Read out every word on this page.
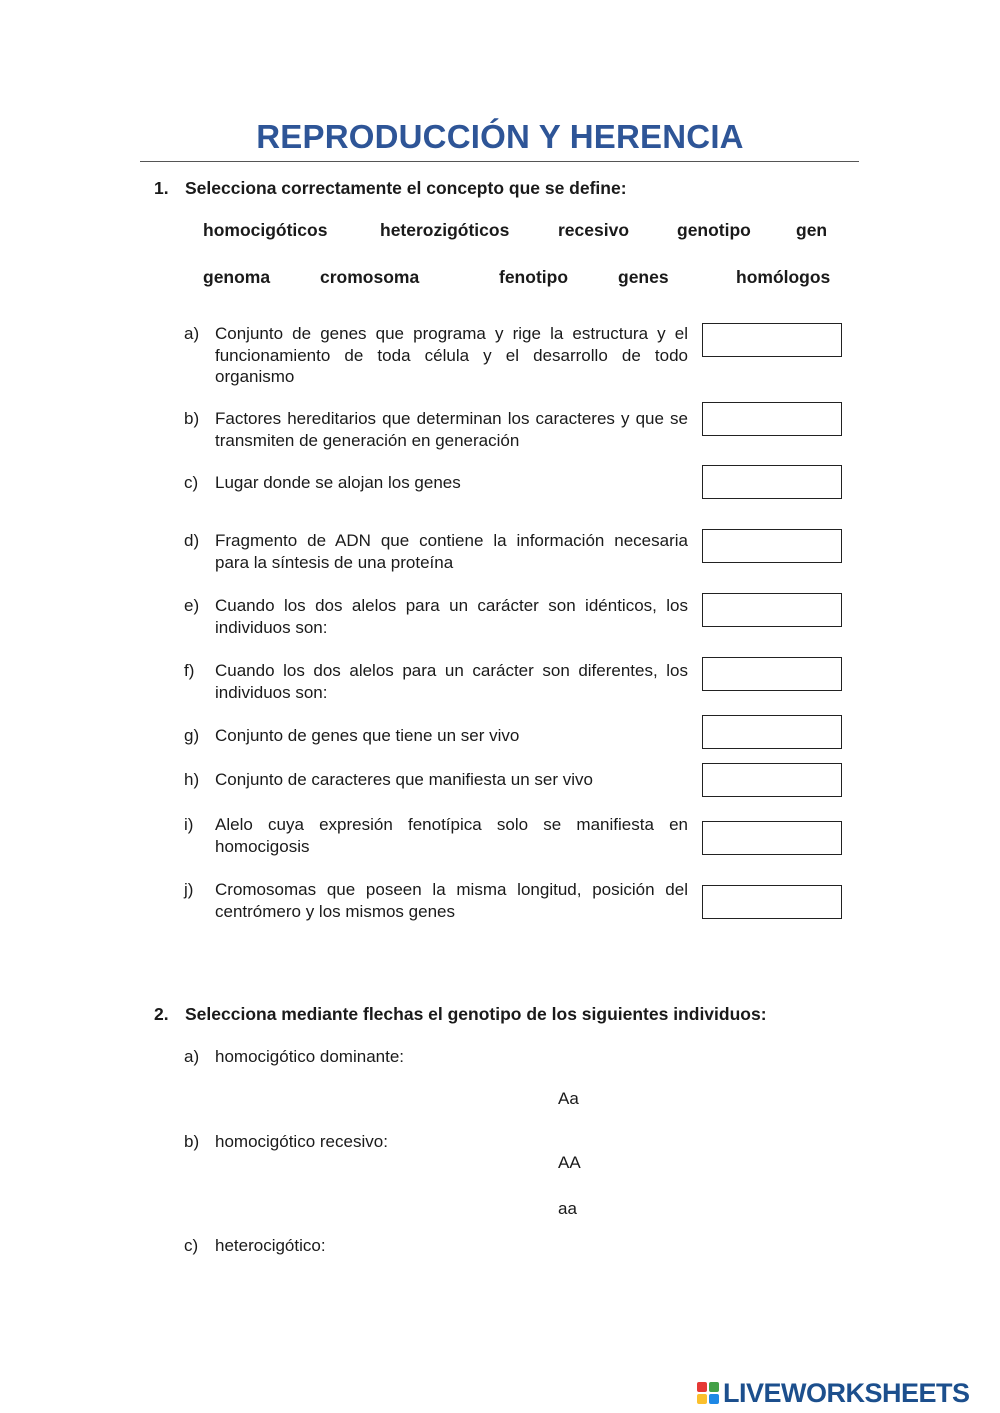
REPRODUCCIÓN Y HERENCIA
1. Selecciona correctamente el concepto que se define:
homocigóticos	heterozigóticos	recesivo	genotipo	gen
genoma	cromosoma	fenotipo	genes	homólogos
a) Conjunto de genes que programa y rige la estructura y el funcionamiento de toda célula y el desarrollo de todo organismo
b) Factores hereditarios que determinan los caracteres y que se transmiten de generación en generación
c) Lugar donde se alojan los genes
d) Fragmento de ADN que contiene la información necesaria para la síntesis de una proteína
e) Cuando los dos alelos para un carácter son idénticos, los individuos son:
f) Cuando los dos alelos para un carácter son diferentes, los individuos son:
g) Conjunto de genes que tiene un ser vivo
h) Conjunto de caracteres que manifiesta un ser vivo
i) Alelo cuya expresión fenotípica solo se manifiesta en homocigosis
j) Cromosomas que poseen la misma longitud, posición del centrómero y los mismos genes
2. Selecciona mediante flechas el genotipo de los siguientes individuos:
a) homocigótico dominante:
b) homocigótico recesivo:
c) heterocigótico:
Aa
AA
aa
LIVEWORKSHEETS
